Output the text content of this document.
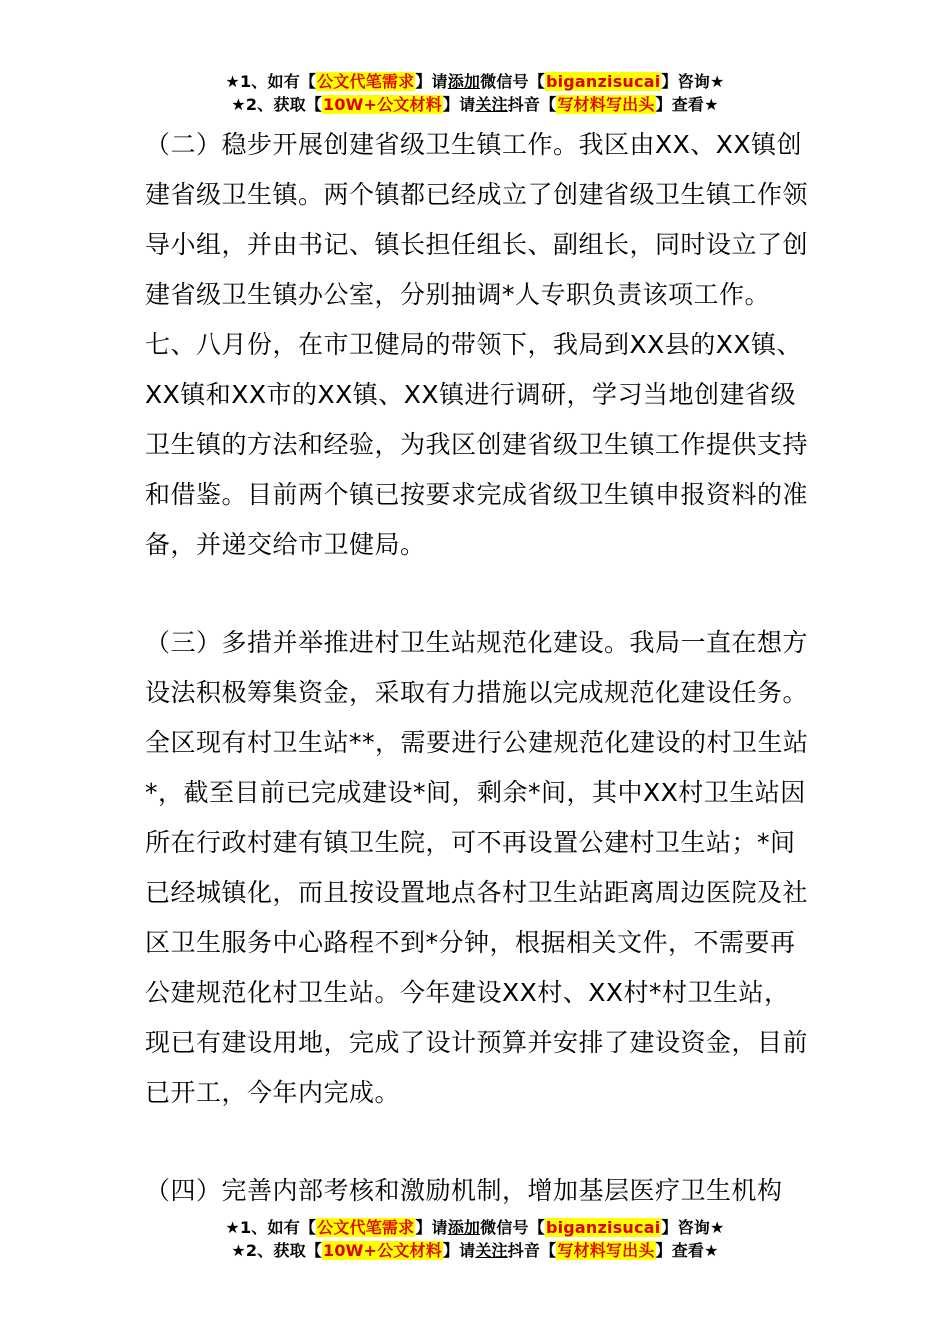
★1、如有【公文代笔需求】请添加微信号【biganzisucai】咨询★
★2、获取【10W+公文材料】请关注抖音【写材料写出头】查看★

（二）稳步开展创建省级卫生镇工作。我区由XX、XX镇创建省级卫生镇。两个镇都已经成立了创建省级卫生镇工作领导小组，并由书记、镇长担任组长、副组长，同时设立了创建省级卫生镇办公室，分别抽调*人专职负责该项工作。七、八月份，在市卫健局的带领下，我局到XX县的XX镇、XX镇和XX市的XX镇、XX镇进行调研，学习当地创建省级卫生镇的方法和经验，为我区创建省级卫生镇工作提供支持和借鉴。目前两个镇已按要求完成省级卫生镇申报资料的准备，并递交给市卫健局。

（三）多措并举推进村卫生站规范化建设。我局一直在想方设法积极筹集资金，采取有力措施以完成规范化建设任务。全区现有村卫生站**，需要进行公建规范化建设的村卫生站*，截至目前已完成建设*间，剩余*间，其中XX村卫生站因所在行政村建有镇卫生院，可不再设置公建村卫生站；*间已经城镇化，而且按设置地点各村卫生站距离周边医院及社区卫生服务中心路程不到*分钟，根据相关文件，不需要再公建规范化村卫生站。今年建设XX村、XX村*村卫生站，现已有建设用地，完成了设计预算并安排了建设资金，目前已开工，今年内完成。

（四）完善内部考核和激励机制，增加基层医疗卫生机构

★1、如有【公文代笔需求】请添加微信号【biganzisucai】咨询★
★2、获取【10W+公文材料】请关注抖音【写材料写出头】查看★
